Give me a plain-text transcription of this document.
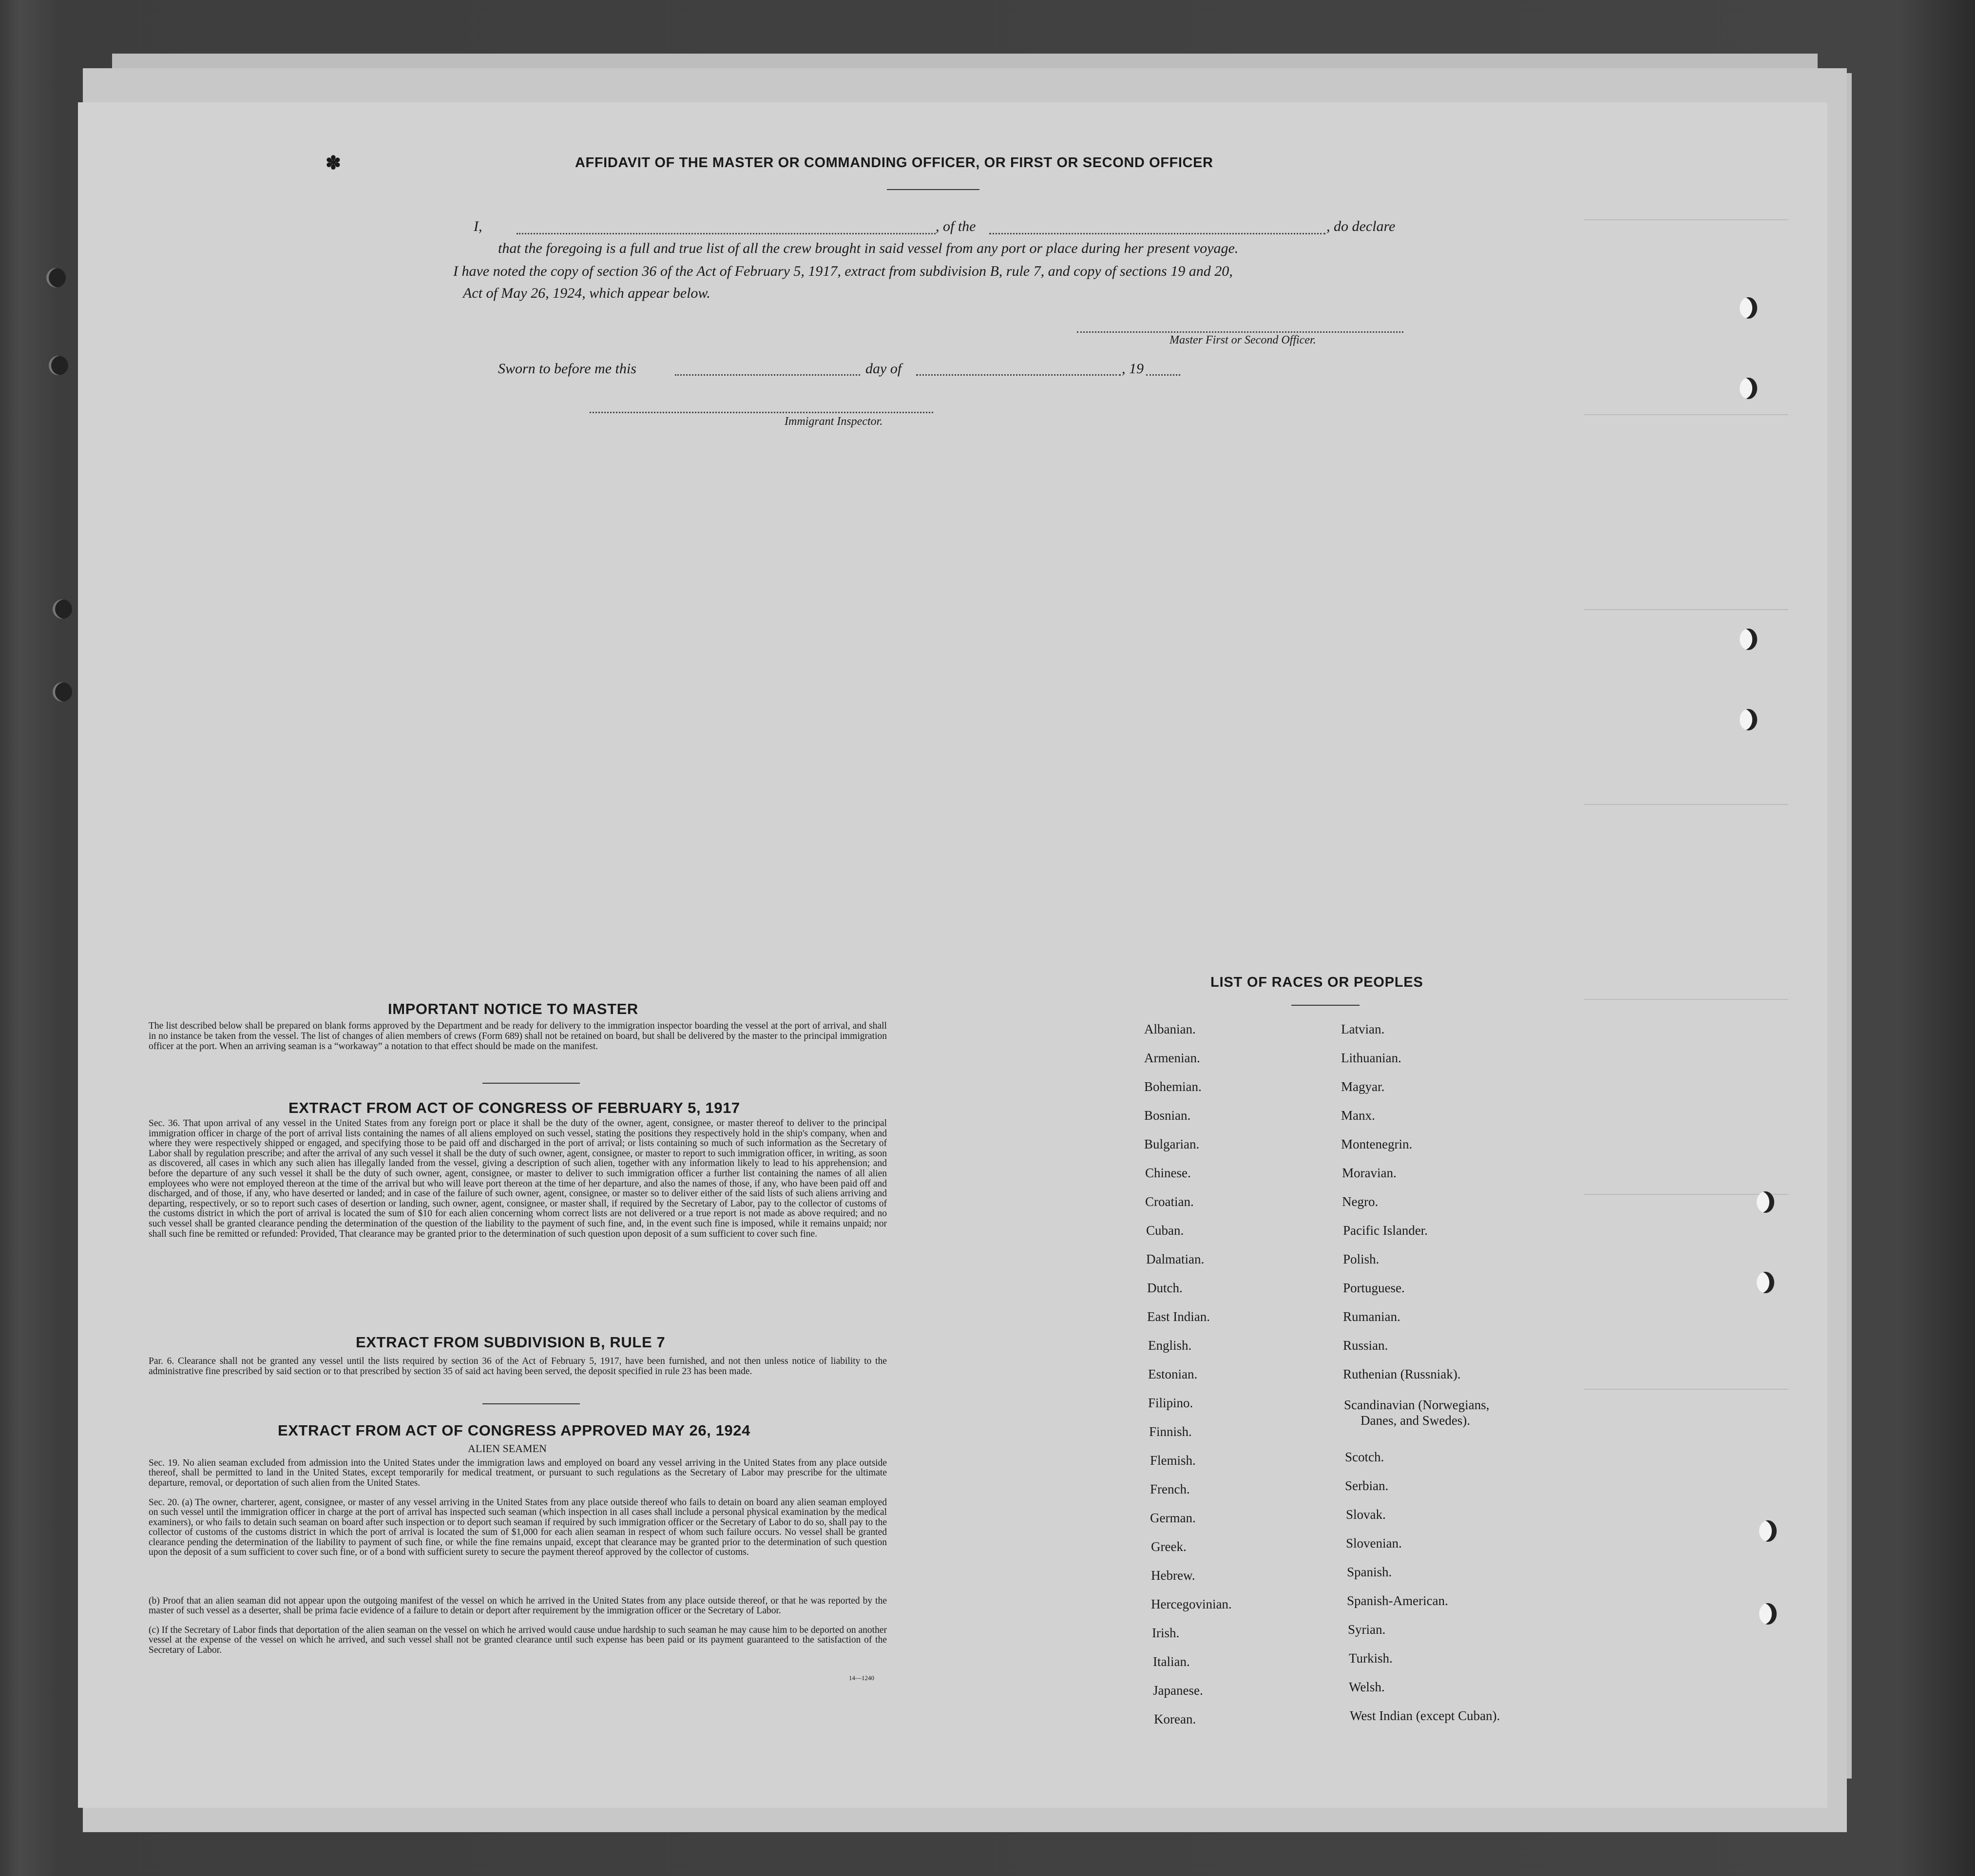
✽	AFFIDAVIT OF THE MASTER OR COMMANDING OFFICER, OR FIRST OR SECOND OFFICER
I,	, of the	, do declare
that the foregoing is a full and true list of all the crew brought in said vessel from any port or place during her present voyage.
I have noted the copy of section 36 of the Act of February 5, 1917, extract from subdivision B, rule 7, and copy of sections 19 and 20,
Act of May 26, 1924, which appear below.
Master First or Second Officer.
Sworn to before me this	day of	, 19
Immigrant Inspector.

IMPORTANT NOTICE TO MASTER
The list described below shall be prepared on blank forms approved by the Department and be ready for delivery to the immigration inspector boarding the vessel at the port of arrival, and shall in no instance be taken from the vessel. The list of changes of alien members of crews (Form 689) shall not be retained on board, but shall be delivered by the master to the principal immigration officer at the port. When an arriving seaman is a “workaway” a notation to that effect should be made on the manifest.
EXTRACT FROM ACT OF CONGRESS OF FEBRUARY 5, 1917
Sec. 36. That upon arrival of any vessel in the United States from any foreign port or place it shall be the duty of the owner, agent, consignee, or master thereof to deliver to the principal immigration officer in charge of the port of arrival lists containing the names of all aliens employed on such vessel, stating the positions they respectively hold in the ship's company, when and where they were respectively shipped or engaged, and specifying those to be paid off and discharged in the port of arrival; or lists containing so much of such information as the Secretary of Labor shall by regulation prescribe; and after the arrival of any such vessel it shall be the duty of such owner, agent, consignee, or master to report to such immigration officer, in writing, as soon as discovered, all cases in which any such alien has illegally landed from the vessel, giving a description of such alien, together with any information likely to lead to his apprehension; and before the departure of any such vessel it shall be the duty of such owner, agent, consignee, or master to deliver to such immigration officer a further list containing the names of all alien employees who were not employed thereon at the time of the arrival but who will leave port thereon at the time of her departure, and also the names of those, if any, who have been paid off and discharged, and of those, if any, who have deserted or landed; and in case of the failure of such owner, agent, consignee, or master so to deliver either of the said lists of such aliens arriving and departing, respectively, or so to report such cases of desertion or landing, such owner, agent, consignee, or master shall, if required by the Secretary of Labor, pay to the collector of customs of the customs district in which the port of arrival is located the sum of $10 for each alien concerning whom correct lists are not delivered or a true report is not made as above required; and no such vessel shall be granted clearance pending the determination of the question of the liability to the payment of such fine, and, in the event such fine is imposed, while it remains unpaid; nor shall such fine be remitted or refunded: Provided, That clearance may be granted prior to the determination of such question upon deposit of a sum sufficient to cover such fine.
EXTRACT FROM SUBDIVISION B, RULE 7
Par. 6. Clearance shall not be granted any vessel until the lists required by section 36 of the Act of February 5, 1917, have been furnished, and not then unless notice of liability to the administrative fine prescribed by said section or to that prescribed by section 35 of said act having been served, the deposit specified in rule 23 has been made.
EXTRACT FROM ACT OF CONGRESS APPROVED MAY 26, 1924
ALIEN SEAMEN
Sec. 19. No alien seaman excluded from admission into the United States under the immigration laws and employed on board any vessel arriving in the United States from any place outside thereof, shall be permitted to land in the United States, except temporarily for medical treatment, or pursuant to such regulations as the Secretary of Labor may prescribe for the ultimate departure, removal, or deportation of such alien from the United States.
Sec. 20. (a) The owner, charterer, agent, consignee, or master of any vessel arriving in the United States from any place outside thereof who fails to detain on board any alien seaman employed on such vessel until the immigration officer in charge at the port of arrival has inspected such seaman (which inspection in all cases shall include a personal physical examination by the medical examiners), or who fails to detain such seaman on board after such inspection or to deport such seaman if required by such immigration officer or the Secretary of Labor to do so, shall pay to the collector of customs of the customs district in which the port of arrival is located the sum of $1,000 for each alien seaman in respect of whom such failure occurs. No vessel shall be granted clearance pending the determination of the liability to payment of such fine, or while the fine remains unpaid, except that clearance may be granted prior to the determination of such question upon the deposit of a sum sufficient to cover such fine, or of a bond with sufficient surety to secure the payment thereof approved by the collector of customs.
(b) Proof that an alien seaman did not appear upon the outgoing manifest of the vessel on which he arrived in the United States from any place outside thereof, or that he was reported by the master of such vessel as a deserter, shall be prima facie evidence of a failure to detain or deport after requirement by the immigration officer or the Secretary of Labor.
(c) If the Secretary of Labor finds that deportation of the alien seaman on the vessel on which he arrived would cause undue hardship to such seaman he may cause him to be deported on another vessel at the expense of the vessel on which he arrived, and such vessel shall not be granted clearance until such expense has been paid or its payment guaranteed to the satisfaction of the Secretary of Labor.
14—1240
LIST OF RACES OR PEOPLES
Albanian.
Armenian.
Bohemian.
Bosnian.
Bulgarian.
Chinese.
Croatian.
Cuban.
Dalmatian.
Dutch.
East Indian.
English.
Estonian.
Filipino.
Finnish.
Flemish.
French.
German.
Greek.
Hebrew.
Hercegovinian.
Irish.
Italian.
Japanese.
Korean.
Latvian.
Lithuanian.
Magyar.
Manx.
Montenegrin.
Moravian.
Negro.
Pacific Islander.
Polish.
Portuguese.
Rumanian.
Russian.
Ruthenian (Russniak).
Scandinavian (Norwegians,
Danes, and Swedes).
Scotch.
Serbian.
Slovak.
Slovenian.
Spanish.
Spanish-American.
Syrian.
Turkish.
Welsh.
West Indian (except Cuban).
